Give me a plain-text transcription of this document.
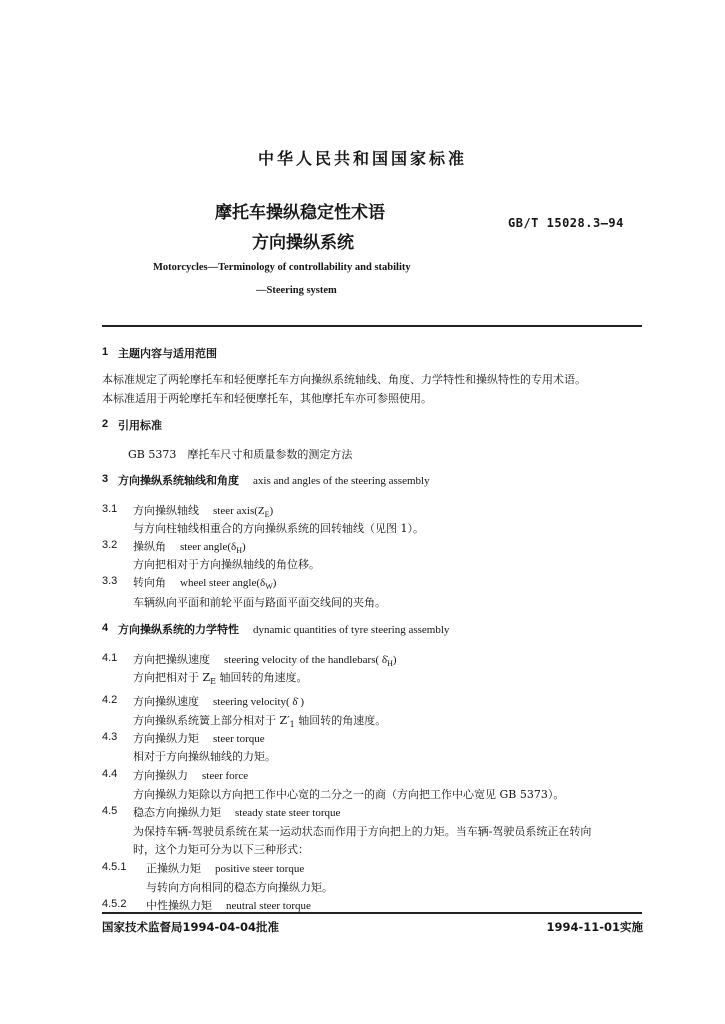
中华人民共和国国家标准
摩托车操纵稳定性术语
方向操纵系统
GB/T 15028.3—94
Motorcycles—Terminology of controllability and stability
—Steering system
1 主题内容与适用范围
本标准规定了两轮摩托车和轻便摩托车方向操纵系统轴线、角度、力学特性和操纵特性的专用术语。
本标准适用于两轮摩托车和轻便摩托车，其他摩托车亦可参照使用。
2 引用标准
GB 5373　摩托车尺寸和质量参数的测定方法
3 方向操纵系统轴线和角度 axis and angles of the steering assembly
3.1 方向操纵轴线 steer $axis(Z_E)$
与方向柱轴线相重合的方向操纵系统的回转轴线（见图 1）。
3.2 操纵角 steer $angle(\delta_H)$
方向把相对于方向操纵轴线的角位移。
3.3 转向角 wheel steer $angle(\delta_W)$
车辆纵向平面和前轮平面与路面平面交线间的夹角。
4 方向操纵系统的力学特性 dynamic quantities of tyre steering assembly
4.1 方向把操纵速度 steering velocity of the handlebars( $\deltȧ_H$)
方向把相对于 $Z_E$ 轴回转的角速度。
4.2 方向操纵速度 steering velocity( δ̇ )
方向操纵系统簧上部分相对于 $Z'_1$ 轴回转的角速度。
4.3 方向操纵力矩 steer torque
相对于方向操纵轴线的力矩。
4.4 方向操纵力 steer force
方向操纵力矩除以方向把工作中心宽的二分之一的商（方向把工作中心宽见 GB 5373）。
4.5 稳态方向操纵力矩 steady state steer torque
为保持车辆-驾驶员系统在某一运动状态而作用于方向把上的力矩。当车辆-驾驶员系统正在转向
时，这个力矩可分为以下三种形式：
4.5.1 正操纵力矩 positive steer torque
与转向方向相同的稳态方向操纵力矩。
4.5.2 中性操纵力矩 neutral steer torque
国家技术监督局1994-04-04批准	1994-11-01实施
